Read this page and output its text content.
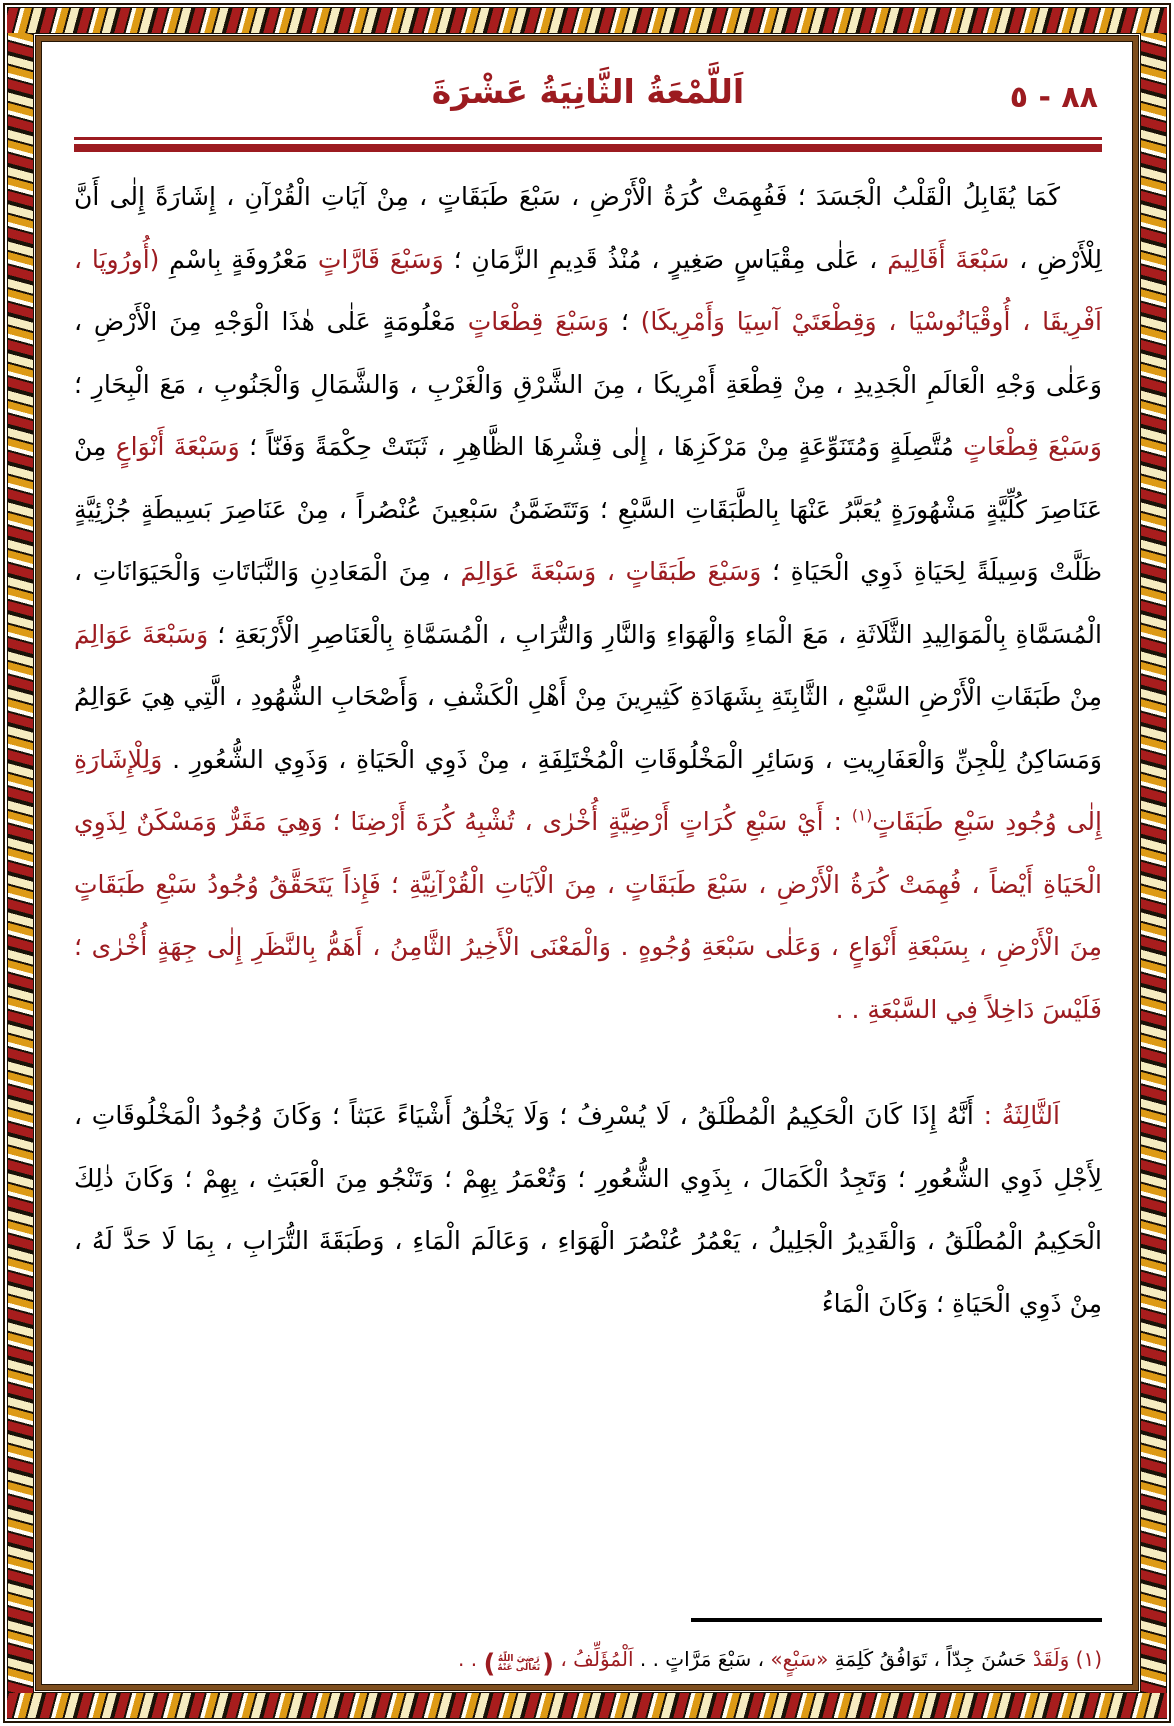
٨٨ - ٥
اَللَّمْعَةُ الثَّانِيَةُ عَشْرَةَ

كَمَا يُقَابِلُ الْقَلْبُ الْجَسَدَ ؛ فَفُهِمَتْ كُرَةُ الْأَرْضِ ، سَبْعَ طَبَقَاتٍ ، مِنْ آيَاتِ الْقُرْآنِ ، إِشَارَةً إِلٰى أَنَّ لِلْأَرْضِ ، سَبْعَةَ أَقَالِيمَ ، عَلٰى مِقْيَاسٍ صَغِيرٍ ، مُنْذُ قَدِيمِ الزَّمَانِ ؛ وَسَبْعَ قَارَّاتٍ مَعْرُوفَةٍ بِاسْمِ (أُورُوپَا ، اَفْرِيقَا ، أُوقْيَانُوسْيَا ، وَقِطْعَتَيْ آسِيَا وَأَمْرِيكَا) ؛ وَسَبْعَ قِطْعَاتٍ مَعْلُومَةٍ عَلٰى هٰذَا الْوَجْهِ مِنَ الْأَرْضِ ، وَعَلٰى وَجْهِ الْعَالَمِ الْجَدِيدِ ، مِنْ قِطْعَةِ أَمْرِيكَا ، مِنَ الشَّرْقِ وَالْغَرْبِ ، وَالشَّمَالِ وَالْجَنُوبِ ، مَعَ الْبِحَارِ ؛ وَسَبْعَ قِطْعَاتٍ مُتَّصِلَةٍ وَمُتَنَوِّعَةٍ مِنْ مَرْكَزِهَا ، إِلٰى قِشْرِهَا الظَّاهِرِ ، ثَبَتَتْ حِكْمَةً وَفَنّاً ؛ وَسَبْعَةَ أَنْوَاعٍ مِنْ عَنَاصِرَ كُلِّيَّةٍ مَشْهُورَةٍ يُعَبَّرُ عَنْهَا بِالطَّبَقَاتِ السَّبْعِ ؛ وَتَتَضَمَّنُ سَبْعِينَ عُنْصُراً ، مِنْ عَنَاصِرَ بَسِيطَةٍ جُزْئِيَّةٍ ظَلَّتْ وَسِيلَةً لِحَيَاةِ ذَوِي الْحَيَاةِ ؛ وَسَبْعَ طَبَقَاتٍ ، وَسَبْعَةَ عَوَالِمَ ، مِنَ الْمَعَادِنِ وَالنَّبَاتَاتِ وَالْحَيَوَانَاتِ ، الْمُسَمَّاةِ بِالْمَوَالِيدِ الثَّلَاثَةِ ، مَعَ الْمَاءِ وَالْهَوَاءِ وَالنَّارِ وَالتُّرَابِ ، الْمُسَمَّاةِ بِالْعَنَاصِرِ الْأَرْبَعَةِ ؛ وَسَبْعَةَ عَوَالِمَ مِنْ طَبَقَاتِ الْأَرْضِ السَّبْعِ ، الثَّابِتَةِ بِشَهَادَةِ كَثِيرِينَ مِنْ أَهْلِ الْكَشْفِ ، وَأَصْحَابِ الشُّهُودِ ، الَّتِي هِيَ عَوَالِمُ وَمَسَاكِنُ لِلْجِنِّ وَالْعَفَارِيتِ ، وَسَائِرِ الْمَخْلُوقَاتِ الْمُخْتَلِفَةِ ، مِنْ ذَوِي الْحَيَاةِ ، وَذَوِي الشُّعُورِ . وَلِلْإِشَارَةِ إِلٰى وُجُودِ سَبْعِ طَبَقَاتٍ$^{(١)}$ : أَيْ سَبْعِ كُرَاتٍ أَرْضِيَّةٍ أُخْرٰى ، تُشْبِهُ كُرَةَ أَرْضِنَا ؛ وَهِيَ مَقَرٌّ وَمَسْكَنٌ لِذَوِي الْحَيَاةِ أَيْضاً ، فُهِمَتْ كُرَةُ الْأَرْضِ ، سَبْعَ طَبَقَاتٍ ، مِنَ الْآيَاتِ الْقُرْآنِيَّةِ ؛ فَإِذاً يَتَحَقَّقُ وُجُودُ سَبْعِ طَبَقَاتٍ مِنَ الْأَرْضِ ، بِسَبْعَةِ أَنْوَاعٍ ، وَعَلٰى سَبْعَةِ وُجُوهٍ . وَالْمَعْنَى الْأَخِيرُ الثَّامِنُ ، أَهَمُّ بِالنَّظَرِ إِلٰى جِهَةٍ أُخْرٰى ؛ فَلَيْسَ دَاخِلاً فِي السَّبْعَةِ . .

اَلثَّالِثَةُ : أَنَّهُ إِذَا كَانَ الْحَكِيمُ الْمُطْلَقُ ، لَا يُسْرِفُ ؛ وَلَا يَخْلُقُ أَشْيَاءً عَبَثاً ؛ وَكَانَ وُجُودُ الْمَخْلُوقَاتِ ، لِأَجْلِ ذَوِي الشُّعُورِ ؛ وَتَجِدُ الْكَمَالَ ، بِذَوِي الشُّعُورِ ؛ وَتُعْمَرُ بِهِمْ ؛ وَتَنْجُو مِنَ الْعَبَثِ ، بِهِمْ ؛ وَكَانَ ذٰلِكَ الْحَكِيمُ الْمُطْلَقُ ، وَالْقَدِيرُ الْجَلِيلُ ، يَعْمُرُ عُنْصُرَ الْهَوَاءِ ، وَعَالَمَ الْمَاءِ ، وَطَبَقَةَ التُّرَابِ ، بِمَا لَا حَدَّ لَهُ ، مِنْ ذَوِي الْحَيَاةِ ؛ وَكَانَ الْمَاءُ

(١) وَلَقَدْ حَسُنَ جِدّاً ، تَوَافُقُ كَلِمَةِ «سَبْعٍ» ، سَبْعَ مَرَّاتٍ . . اَلْمُؤَلِّفُ ،
(
رَضِيَ اللّٰهُ
تَعَالٰى عَنْهُ
)
. .
